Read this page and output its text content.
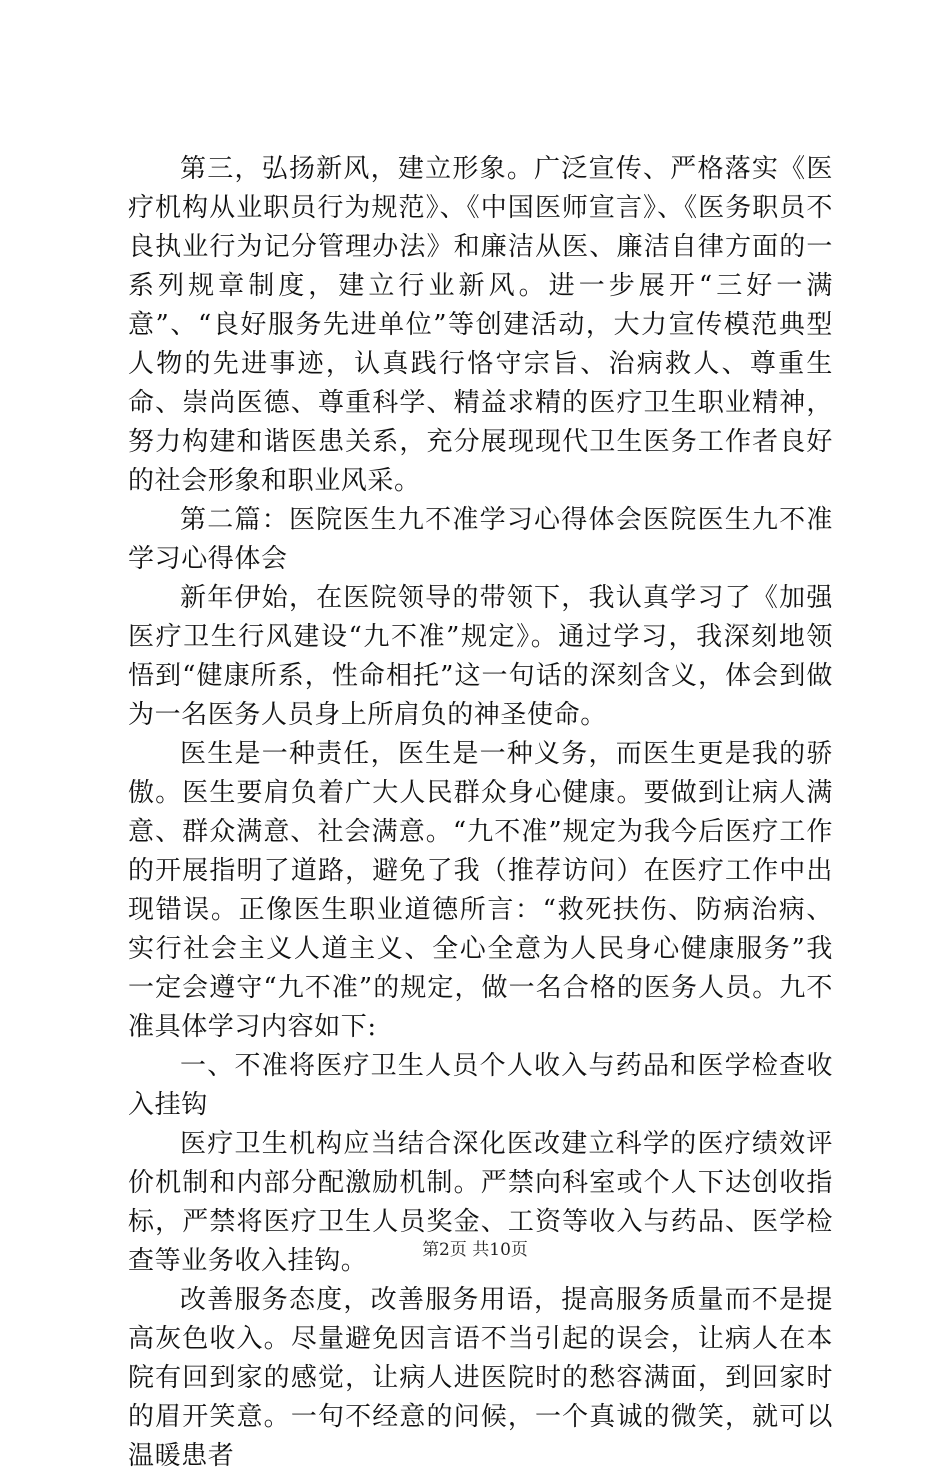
第三，弘扬新风，建立形象。广泛宣传、严格落实《医疗机构从业职员行为规范》、《中国医师宣言》、《医务职员不良执业行为记分管理办法》和廉洁从医、廉洁自律方面的一系列规章制度，建立行业新风。进一步展开“三好一满意”、“良好服务先进单位”等创建活动，大力宣传模范典型人物的先进事迹，认真践行恪守宗旨、治病救人、尊重生命、崇尚医德、尊重科学、精益求精的医疗卫生职业精神，努力构建和谐医患关系，充分展现现代卫生医务工作者良好的社会形象和职业风采。

第二篇：医院医生九不准学习心得体会医院医生九不准学习心得体会

新年伊始，在医院领导的带领下，我认真学习了《加强医疗卫生行风建设“九不准”规定》。通过学习，我深刻地领悟到“健康所系，性命相托”这一句话的深刻含义，体会到做为一名医务人员身上所肩负的神圣使命。

医生是一种责任，医生是一种义务，而医生更是我的骄傲。医生要肩负着广大人民群众身心健康。要做到让病人满意、群众满意、社会满意。“九不准”规定为我今后医疗工作的开展指明了道路，避免了我（推荐访问）在医疗工作中出现错误。正像医生职业道德所言：“救死扶伤、防病治病、实行社会主义人道主义、全心全意为人民身心健康服务”我一定会遵守“九不准”的规定，做一名合格的医务人员。九不准具体学习内容如下:

一、不准将医疗卫生人员个人收入与药品和医学检查收入挂钩

医疗卫生机构应当结合深化医改建立科学的医疗绩效评价机制和内部分配激励机制。严禁向科室或个人下达创收指标，严禁将医疗卫生人员奖金、工资等收入与药品、医学检查等业务收入挂钩。

改善服务态度，改善服务用语，提高服务质量而不是提高灰色收入。尽量避免因言语不当引起的误会，让病人在本院有回到家的感觉，让病人进医院时的愁容满面，到回家时的眉开笑意。一句不经意的问候，一个真诚的微笑，就可以温暖患者

第2页 共10页
